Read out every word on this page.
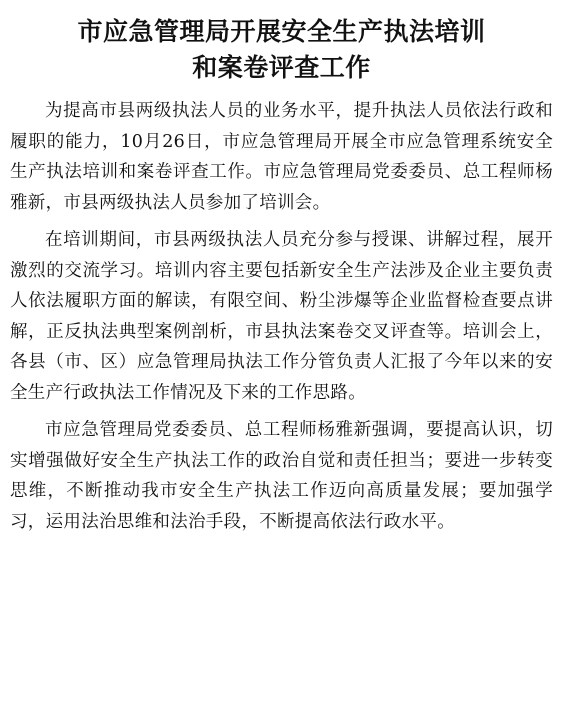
市应急管理局开展安全生产执法培训
和案卷评查工作

为提高市县两级执法人员的业务水平，提升执法人员依法行政和履职的能力，10月26日，市应急管理局开展全市应急管理系统安全生产执法培训和案卷评查工作。市应急管理局党委委员、总工程师杨雅新，市县两级执法人员参加了培训会。

在培训期间，市县两级执法人员充分参与授课、讲解过程，展开激烈的交流学习。培训内容主要包括新安全生产法涉及企业主要负责人依法履职方面的解读，有限空间、粉尘涉爆等企业监督检查要点讲解，正反执法典型案例剖析，市县执法案卷交叉评查等。培训会上，各县（市、区）应急管理局执法工作分管负责人汇报了今年以来的安全生产行政执法工作情况及下来的工作思路。

市应急管理局党委委员、总工程师杨雅新强调，要提高认识，切实增强做好安全生产执法工作的政治自觉和责任担当；要进一步转变思维，不断推动我市安全生产执法工作迈向高质量发展；要加强学习，运用法治思维和法治手段，不断提高依法行政水平。
